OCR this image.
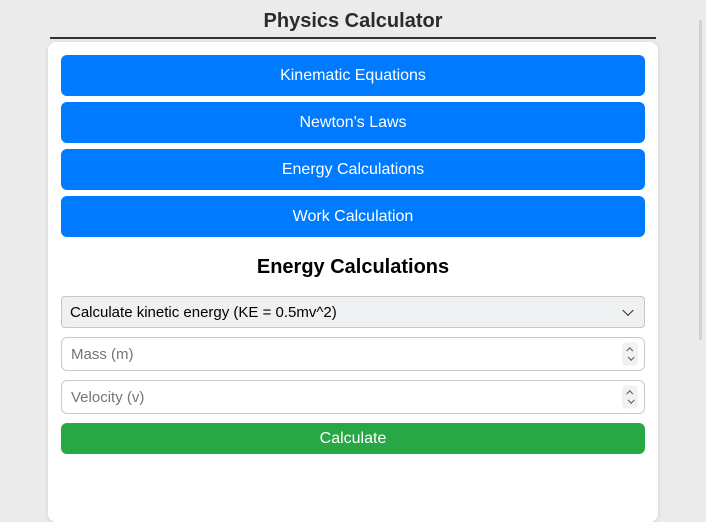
Physics Calculator
Kinematic Equations
Newton's Laws
Energy Calculations
Work Calculation
Energy Calculations
Calculate kinetic energy (KE = 0.5mv^2)
Mass (m)
Velocity (v)
Calculate
